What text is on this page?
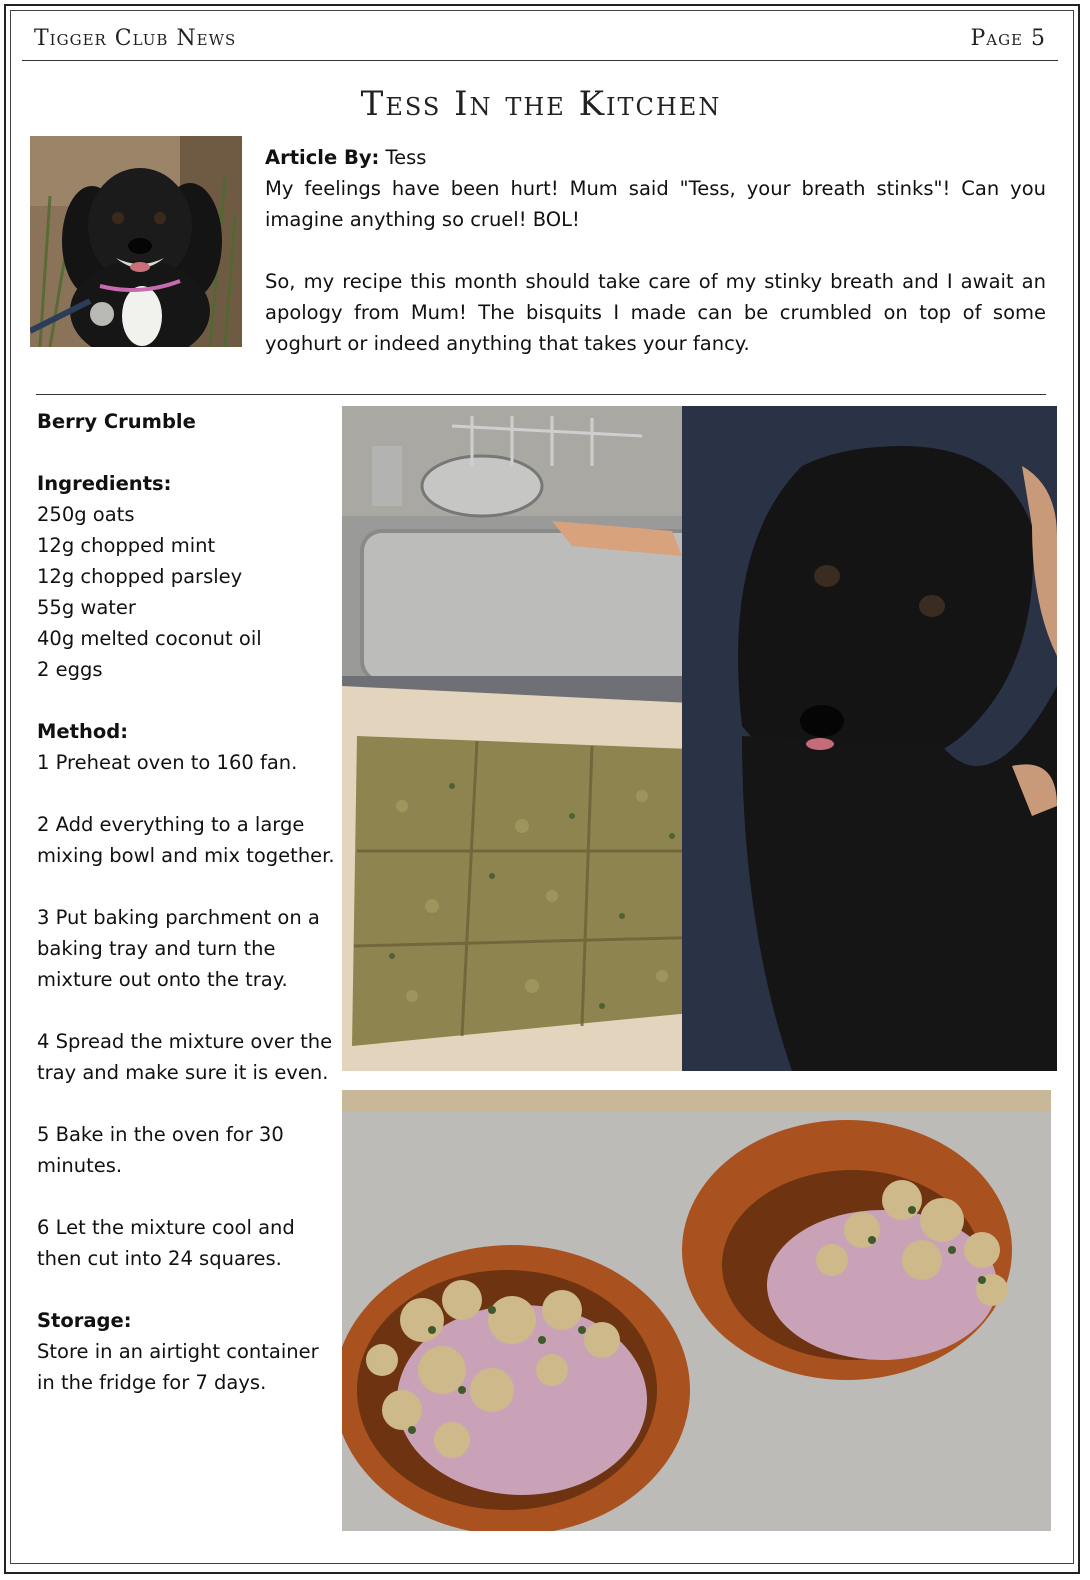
Tigger Club News	Page 5
Tess In the Kitchen

Article By: Tess

My feelings have been hurt! Mum said "Tess, your breath stinks"! Can you imagine anything so cruel! BOL!

So, my recipe this month should take care of my stinky breath and I await an apology from Mum! The bisquits I made can be crumbled on top of some yoghurt or indeed anything that takes your fancy.

Berry Crumble

Ingredients:

250g oats

12g chopped mint

12g chopped parsley

55g water

40g melted coconut oil

2 eggs

Method:

1 Preheat oven to 160 fan.

2 Add everything to a large mixing bowl and mix together.

3 Put baking parchment on a baking tray and turn the mixture out onto the tray.

4 Spread the mixture over the tray and make sure it is even.

5 Bake in the oven for 30 minutes.

6 Let the mixture cool and then cut into 24 squares.

Storage:

Store in an airtight container in the fridge for 7 days.
